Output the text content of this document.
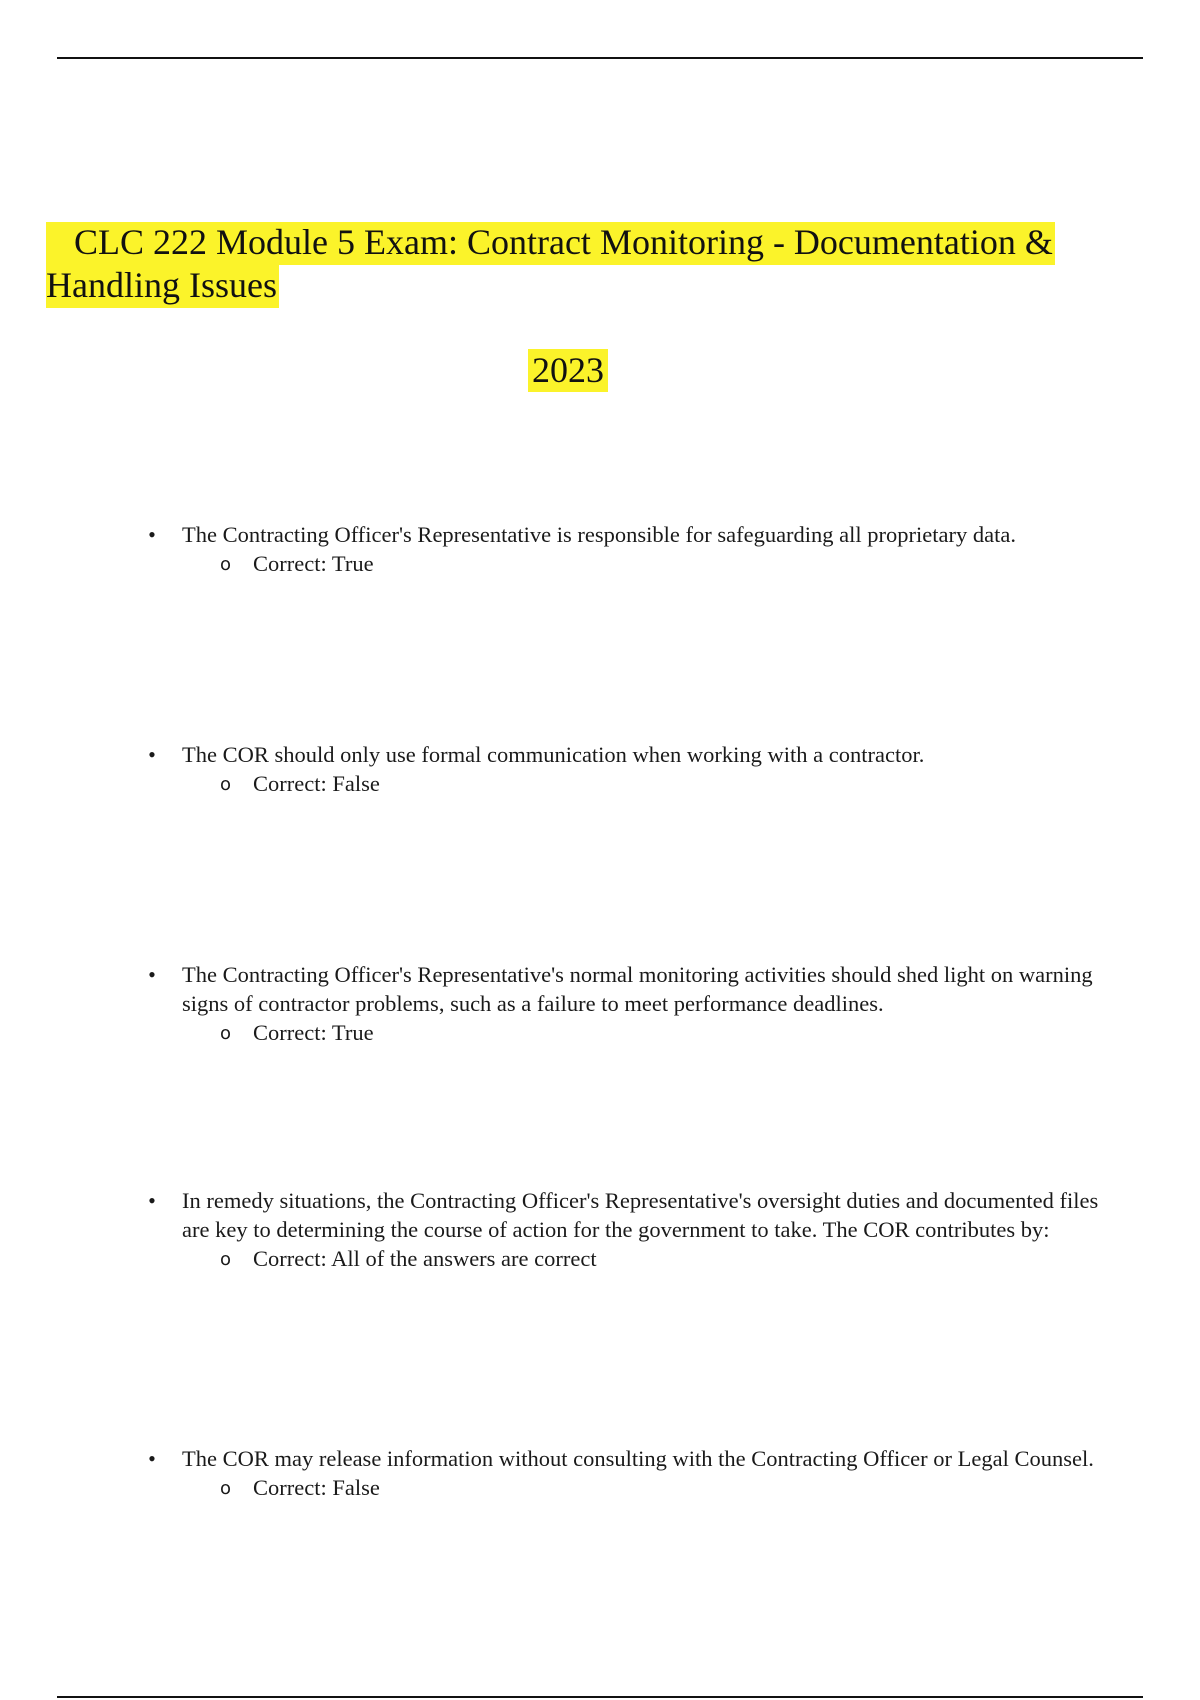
CLC 222 Module 5 Exam: Contract Monitoring - Documentation & Handling Issues
2023
• The Contracting Officer's Representative is responsible for safeguarding all proprietary data.
o Correct: True
• The COR should only use formal communication when working with a contractor.
o Correct: False
• The Contracting Officer's Representative's normal monitoring activities should shed light on warning signs of contractor problems, such as a failure to meet performance deadlines.
o Correct: True
• In remedy situations, the Contracting Officer's Representative's oversight duties and documented files are key to determining the course of action for the government to take. The COR contributes by:
o Correct: All of the answers are correct
• The COR may release information without consulting with the Contracting Officer or Legal Counsel.
o Correct: False
